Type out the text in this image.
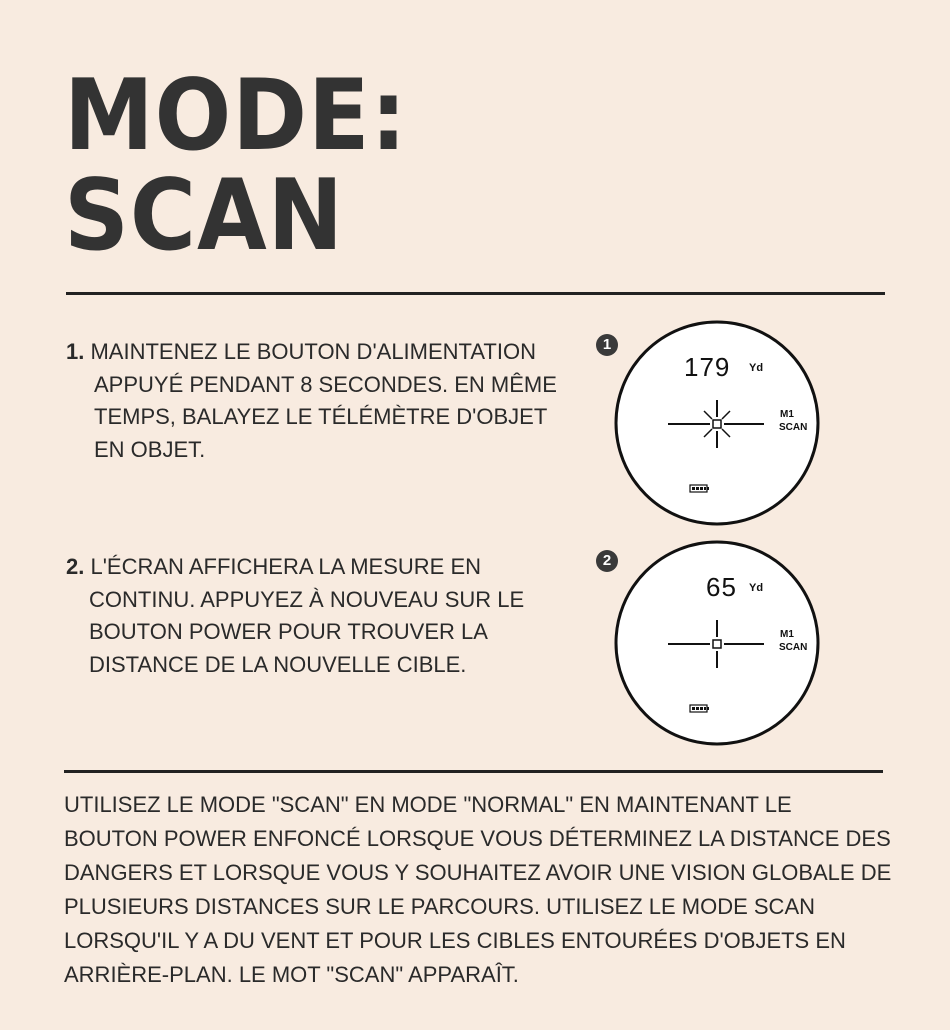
MODE:
SCAN
1. MAINTENEZ LE BOUTON D'ALIMENTATION
APPUYÉ PENDANT 8 SECONDES. EN MÊME
TEMPS, BALAYEZ LE TÉLÉMÈTRE D'OBJET
EN OBJET.
1
179 Yd
M1
SCAN
2. L'ÉCRAN AFFICHERA LA MESURE EN
CONTINU. APPUYEZ À NOUVEAU SUR LE
BOUTON POWER POUR TROUVER LA
DISTANCE DE LA NOUVELLE CIBLE.
2
65 Yd
M1
SCAN
UTILISEZ LE MODE "SCAN" EN MODE "NORMAL" EN MAINTENANT LE
BOUTON POWER ENFONCÉ LORSQUE VOUS DÉTERMINEZ LA DISTANCE DES
DANGERS ET LORSQUE VOUS Y SOUHAITEZ AVOIR UNE VISION GLOBALE DE
PLUSIEURS DISTANCES SUR LE PARCOURS. UTILISEZ LE MODE SCAN
LORSQU'IL Y A DU VENT ET POUR LES CIBLES ENTOURÉES D'OBJETS EN
ARRIÈRE-PLAN. LE MOT "SCAN" APPARAÎT.
